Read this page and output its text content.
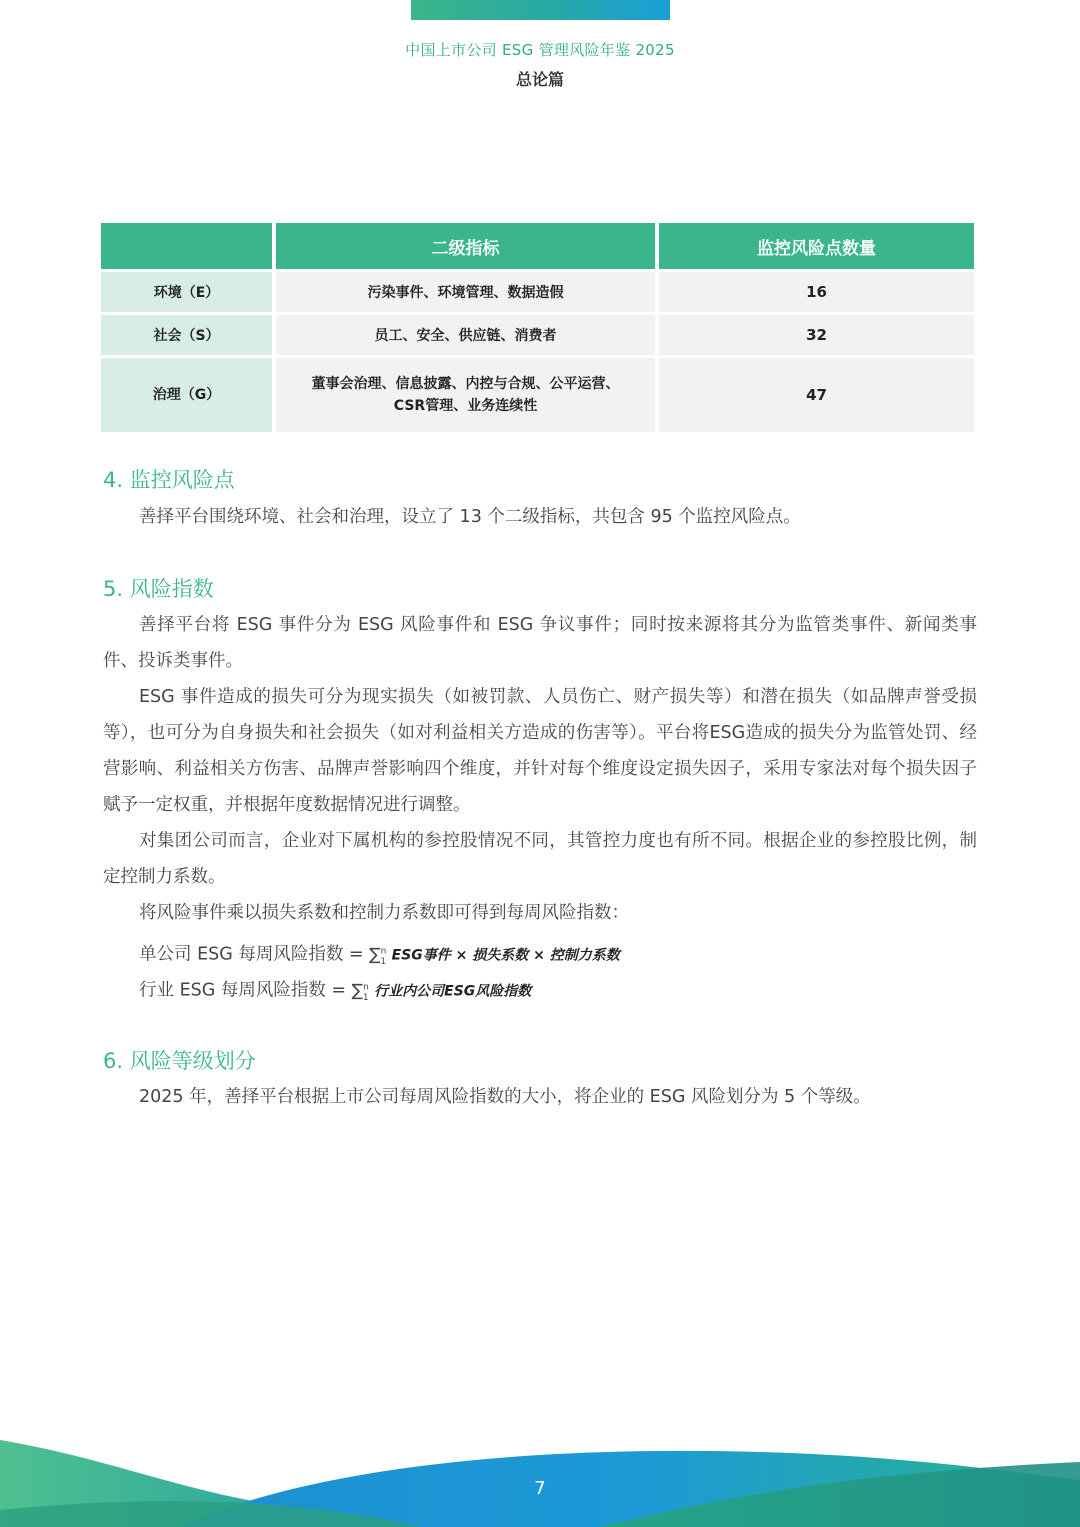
中国上市公司 ESG 管理风险年鉴 2025
总论篇
	二级指标	监控风险点数量
环境（E）	污染事件、环境管理、数据造假	16
社会（S）	员工、安全、供应链、消费者	32
治理（G）	董事会治理、信息披露、内控与合规、公平运营、
CSR管理、业务连续性	47
4. 监控风险点
善择平台围绕环境、社会和治理，设立了 13 个二级指标，共包含 95 个监控风险点。
5. 风险指数
善择平台将 ESG 事件分为 ESG 风险事件和 ESG 争议事件；同时按来源将其分为监管类事件、新闻类事件、投诉类事件。
ESG 事件造成的损失可分为现实损失（如被罚款、人员伤亡、财产损失等）和潜在损失（如品牌声誉受损等），也可分为自身损失和社会损失（如对利益相关方造成的伤害等）。平台将ESG造成的损失分为监管处罚、经营影响、利益相关方伤害、品牌声誉影响四个维度，并针对每个维度设定损失因子，采用专家法对每个损失因子赋予一定权重，并根据年度数据情况进行调整。
对集团公司而言，企业对下属机构的参控股情况不同，其管控力度也有所不同。根据企业的参控股比例，制定控制力系数。
将风险事件乘以损失系数和控制力系数即可得到每周风险指数：
单公司 ESG 每周风险指数 = ∑$^n_1$ ESG事件 × 损失系数 × 控制力系数
行业 ESG 每周风险指数 = ∑$^n_1$ 行业内公司ESG风险指数
6. 风险等级划分
2025 年，善择平台根据上市公司每周风险指数的大小，将企业的 ESG 风险划分为 5 个等级。
7
